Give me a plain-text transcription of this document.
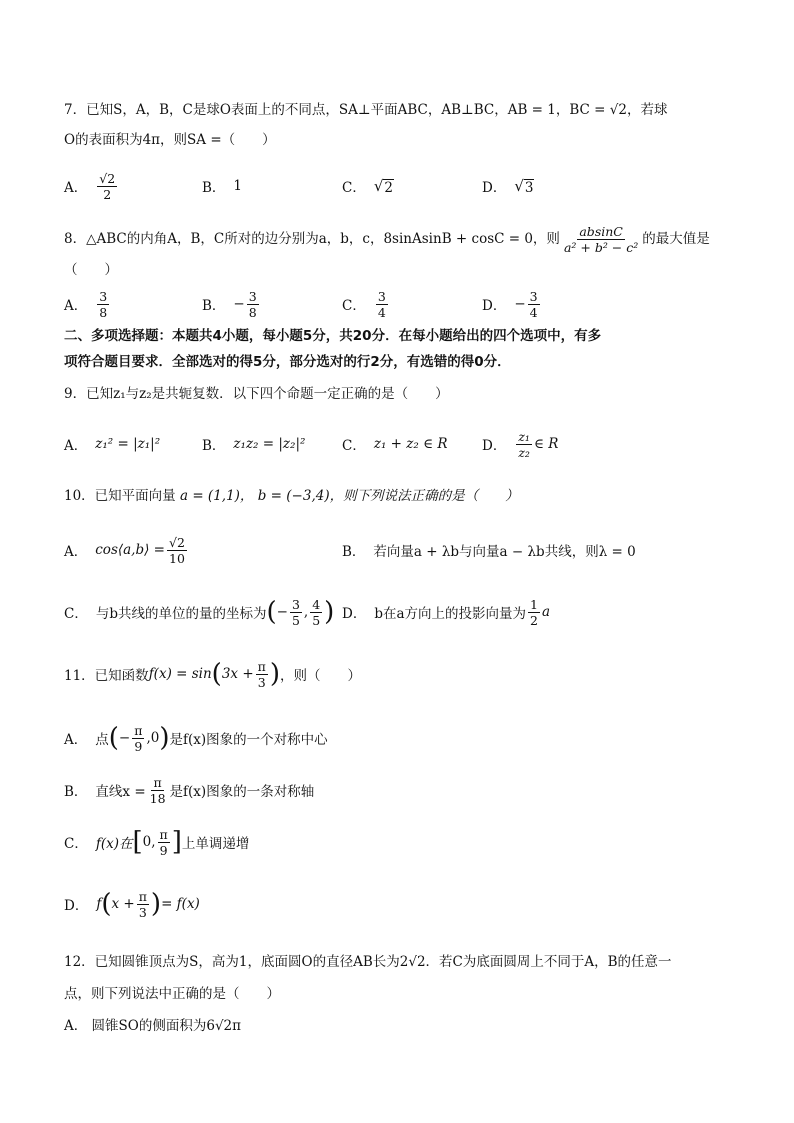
7．已知S，A，B，C是球O表面上的不同点，SA⊥平面ABC，AB⊥BC，AB = 1，BC = √2，若球
O的表面积为4π，则SA =（　　）
A． $\frac{√2}{2}$	B． 1	C． √ 2	D． √ 3
8．△ABC的内角A，B，C所对的边分别为a，b，c，8sinAsinB + cosC = 0，则 $\frac{absinC}{\text{a² + b² − c²}}$ 的最大值是
（　　）
A． $\frac{3}{8}$	B． − $\frac{3}{8}$	C． $\frac{3}{4}$	D． − $\frac{3}{4}$
二、多项选择题：本题共4小题，每小题5分，共20分．在每小题给出的四个选项中，有多
项符合题目要求．全部选对的得5分，部分选对的行2分，有选错的得0分．
9．已知z₁与z₂是共轭复数．以下四个命题一定正确的是（　　）
A． z₁² = |z₁|²	B． z₁z₂ = |z₂|²	C． z₁ + z₂ ∈ R	D． $\frac{\text{z₁}}{\text{z₂}}$ ∈ R
10．已知平面向量 a = (1,1)， b = (−3,4)，则下列说法正确的是（　　）
A． cos⟨a,b⟩ = $\frac{√2}{10}$	B． 若向量a + λb与向量a − λb共线，则λ = 0
C． 与b共线的单位的量的坐标为 ( − $\frac{3}{5}$ , $\frac{4}{5}$ ) D． b在a方向上的投影向量为 $\frac{1}{2}$ a
11．已知函数 f(x) = sin ( $3x + \frac{\pi}{3}$ ) ，则（　　）
A． 点 ( − $\frac{\pi}{9} ,0$ ) 是f(x)图象的一个对称中心
B． 直线$x = \frac{\pi}{18}$ 是f(x)图象的一条对称轴
C． f(x)在 [ 0, $\frac{\pi}{9}$ ] 上单调递增
D． f ( $x + \frac{\pi}{3}$ ) = f(x)
12．已知圆锥顶点为S，高为1，底面圆O的直径AB长为2√2．若C为底面圆周上不同于A，B的任意一
点，则下列说法中正确的是（　　）
A． 圆锥SO的侧面积为6√2π
